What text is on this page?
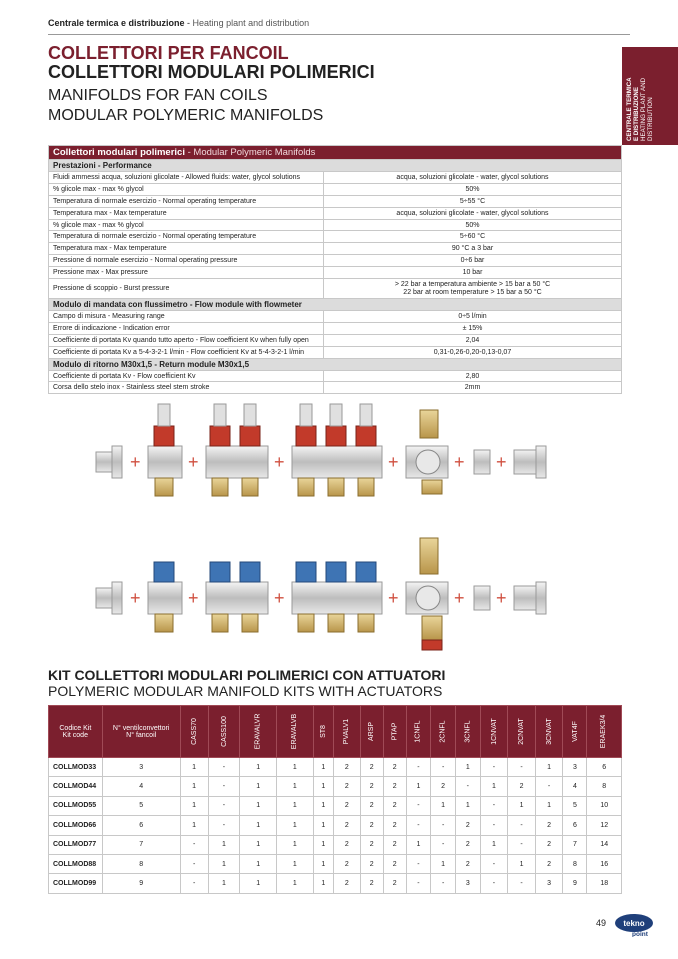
Centrale termica e distribuzione - Heating plant and distribution
CENTRALE TERMICA E DISTRIBUZIONE HEATING PLANT AND DISTRIBUTION
COLLETTORI PER FANCOIL
COLLETTORI MODULARI POLIMERICI
MANIFOLDS FOR FAN COILS
MODULAR POLYMERIC MANIFOLDS
Collettori modulari polimerici - Modular Polymeric Manifolds	
Prestazioni - Performance	
Fluidi ammessi acqua, soluzioni glicolate - Allowed fluids: water, glycol solutions	acqua, soluzioni glicolate - water, glycol solutions
% glicole max - max % glycol	50%
Temperatura di normale esercizio - Normal operating temperature	5÷55 °C
Temperatura max - Max temperature	acqua, soluzioni glicolate - water, glycol solutions
% glicole max - max % glycol	50%
Temperatura di normale esercizio - Normal operating temperature	5÷60 °C
Temperatura max - Max temperature	90 °C a 3 bar
Pressione di normale esercizio - Normal operating pressure	0÷6 bar
Pressione max - Max pressure	10 bar
Pressione di scoppio - Burst pressure	> 22 bar a temperatura ambiente > 15 bar a 50 °C
22 bar at room temperature > 15 bar a 50 °C

Modulo di mandata con flussimetro - Flow module with flowmeter	
Campo di misura - Measuring range	0÷5 l/min
Errore di indicazione - Indication error	± 15%
Coefficiente di portata Kv quando tutto aperto - Flow coefficient Kv when fully open	2,04
Coefficiente di portata Kv a 5-4-3-2-1 l/min - Flow coefficient Kv at 5-4-3-2-1 l/min	0,31-0,26-0,20-0,13-0,07
Modulo di ritorno M30x1,5 - Return module M30x1,5	
Coefficiente di portata Kv - Flow coefficient Kv	2,80
Corsa dello stelo inox - Stainless steel stem stroke	2mm
+	+	+	+	+ +
+	+	+	+	+ +
KIT COLLETTORI MODULARI POLIMERICI CON ATTUATORI
POLYMERIC MODULAR MANIFOLD KITS WITH ACTUATORS
Codice Kit
Kit code	N° ventilconvettori
N° fancoil	CASS70	CASS100	ERAVALVR	ERAVALVB	ST8	PVALV1	ARSP	PTAP	1CNFL	2CNFL	3CNFL	1CNVAT	2CNVAT	3CNVAT	VAT4F	ERAEK3/4
COLLMOD33	3	1	-	1	1	1	2	2	2	-	-	1	-	-	1	3	6
COLLMOD44	4	1	-	1	1	1	2	2	2	1	2	-	1	2	-	4	8
COLLMOD55	5	1	-	1	1	1	2	2	2	-	1	1	-	1	1	5	10
COLLMOD66	6	1	-	1	1	1	2	2	2	-	-	2	-	-	2	6	12
COLLMOD77	7	-	1	1	1	1	2	2	2	1	-	2	1	-	2	7	14
COLLMOD88	8	-	1	1	1	1	2	2	2	-	1	2	-	1	2	8	16
COLLMOD99	9	-	1	1	1	1	2	2	2	-	-	3	-	-	3	9	18
49 tekno
point
